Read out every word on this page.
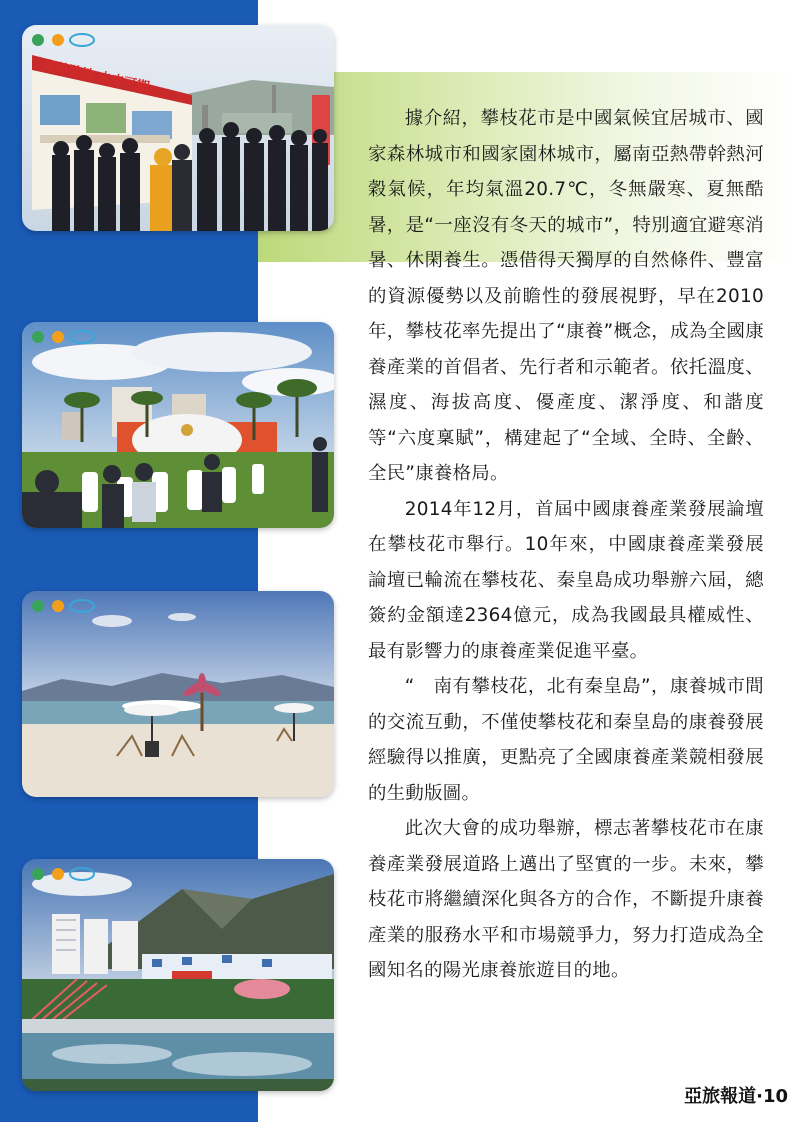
康养胜地 未来可期

據介紹，攀枝花市是中國氣候宜居城市、國家森林城市和國家園林城市，屬南亞熱帶幹熱河穀氣候，年均氣溫20.7℃，冬無嚴寒、夏無酷暑，是“一座沒有冬天的城市”，特別適宜避寒消暑、休閑養生。憑借得天獨厚的自然條件、豐富的資源優勢以及前瞻性的發展視野，早在2010年，攀枝花率先提出了“康養”概念，成為全國康養產業的首倡者、先行者和示範者。依托溫度、濕度、海拔高度、優產度、潔淨度、和諧度等“六度稟賦”，構建起了“全域、全時、全齡、全民”康養格局。

2014年12月，首屆中國康養產業發展論壇在攀枝花市舉行。10年來，中國康養產業發展論壇已輪流在攀枝花、秦皇島成功舉辦六屆，總簽約金額達2364億元，成為我國最具權威性、最有影響力的康養產業促進平臺。

“　南有攀枝花，北有秦皇島”，康養城市間的交流互動，不僅使攀枝花和秦皇島的康養發展經驗得以推廣，更點亮了全國康養產業競相發展的生動版圖。

此次大會的成功舉辦，標志著攀枝花市在康養產業發展道路上邁出了堅實的一步。未來，攀枝花市將繼續深化與各方的合作，不斷提升康養產業的服務水平和市場競爭力，努力打造成為全國知名的陽光康養旅遊目的地。

亞旅報道·10
